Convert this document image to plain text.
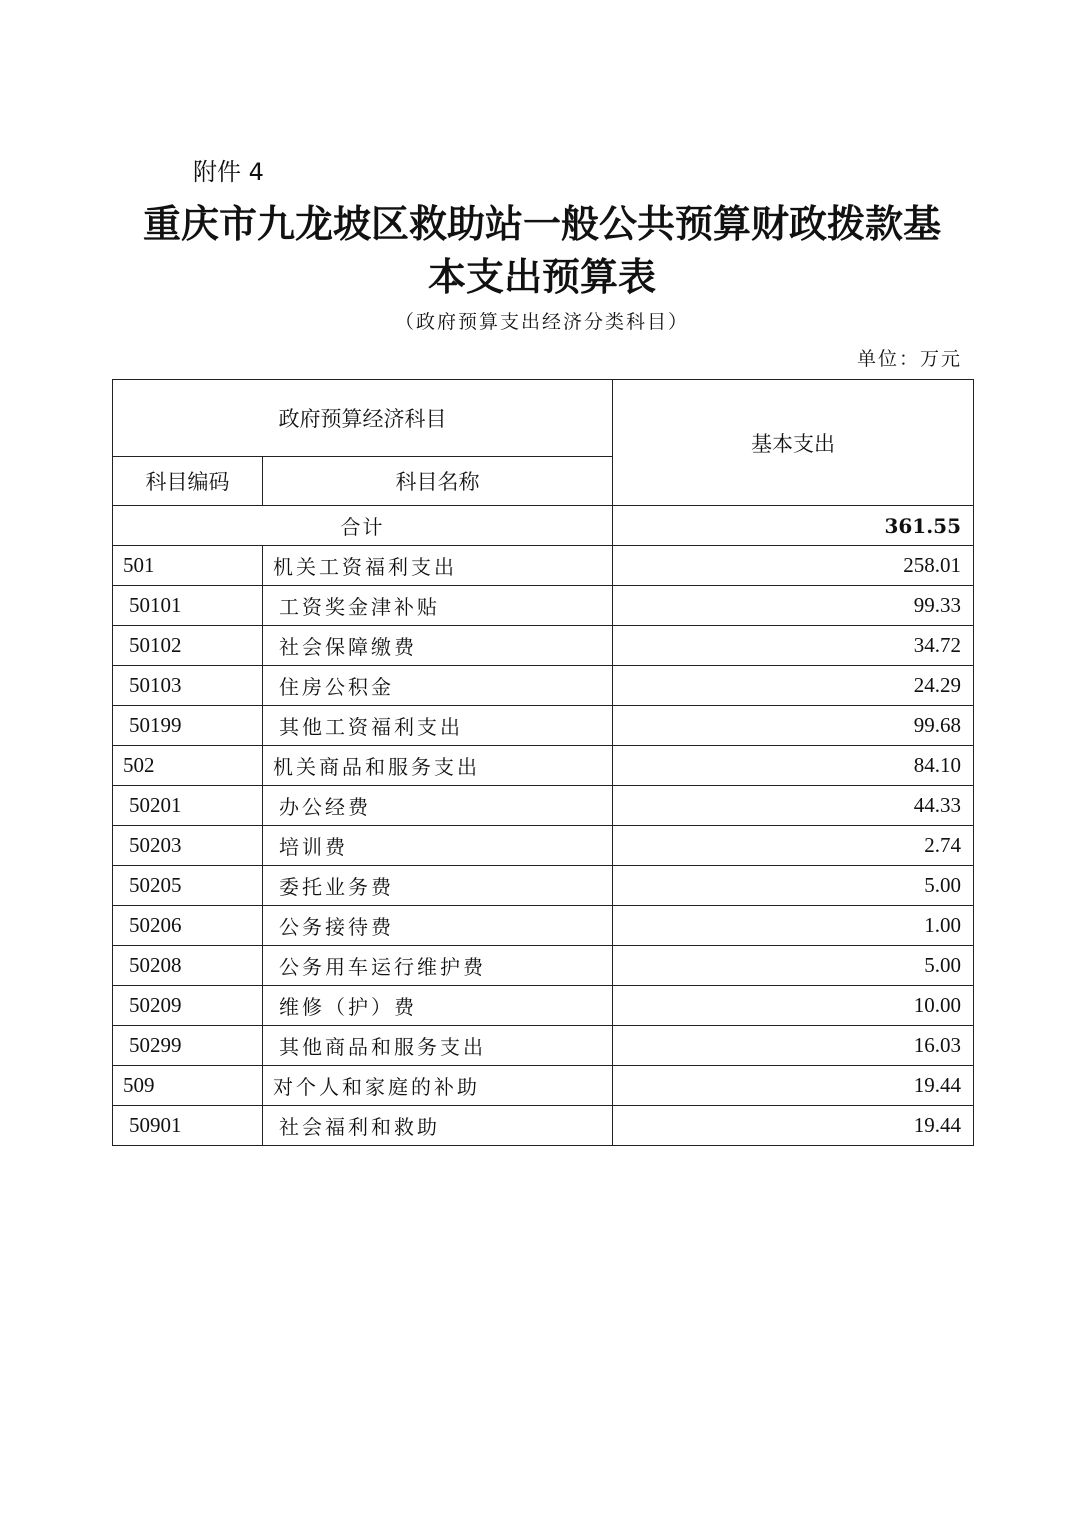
附件 4
重庆市九龙坡区救助站一般公共预算财政拨款基
本支出预算表
（政府预算支出经济分类科目）
单位：万元
政府预算经济科目		基本支出
科目编码	科目名称	
合计		361.55
501	机关工资福利支出	258.01
50101	工资奖金津补贴	99.33
50102	社会保障缴费	34.72
50103	住房公积金	24.29
50199	其他工资福利支出	99.68
502	机关商品和服务支出	84.10
50201	办公经费	44.33
50203	培训费	2.74
50205	委托业务费	5.00
50206	公务接待费	1.00
50208	公务用车运行维护费	5.00
50209	维修（护）费	10.00
50299	其他商品和服务支出	16.03
509	对个人和家庭的补助	19.44
50901	社会福利和救助	19.44
